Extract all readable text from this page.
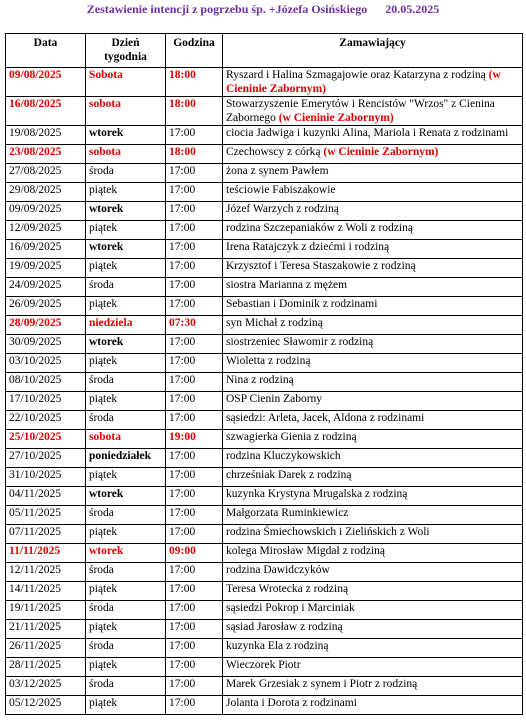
Zestawienie intencji z pogrzebu śp. +Józefa Osińskiego      20.05.2025
Data	Dzień tygodnia	Godzina	Zamawiający
09/08/2025	Sobota	18:00	Ryszard i Halina Szmagajowie oraz Katarzyna z rodziną (w Cieninie Zabornym)
16/08/2025	sobota	18:00	Stowarzyszenie Emerytów i Rencistów "Wrzos" z Cienina Zabornego (w Cieninie Zabornym)
19/08/2025	wtorek	17:00	ciocia Jadwiga i kuzynki Alina, Mariola i Renata z rodzinami
23/08/2025	sobota	18:00	Czechowscy z córką (w Cieninie Zabornym)
27/08/2025	środa	17:00	żona z synem Pawłem
29/08/2025	piątek	17:00	teściowie Fabiszakowie
09/09/2025	wtorek	17:00	Józef Warzych z rodziną
12/09/2025	piątek	17:00	rodzina Szczepaniaków z Woli z rodziną
16/09/2025	wtorek	17:00	Irena Ratajczyk z dziećmi i rodziną
19/09/2025	piątek	17:00	Krzysztof i Teresa Staszakowie z rodziną
24/09/2025	środa	17:00	siostra Marianna z mężem
26/09/2025	piątek	17:00	Sebastian i Dominik z rodzinami
28/09/2025	niedziela	07:30	syn Michał z rodziną
30/09/2025	wtorek	17:00	siostrzeniec Sławomir z rodziną
03/10/2025	piątek	17:00	Wioletta z rodziną
08/10/2025	środa	17:00	Nina z rodziną
17/10/2025	piątek	17:00	OSP Cienin Zaborny
22/10/2025	środa	17:00	sąsiedzi: Arleta, Jacek, Aldona z rodzinami
25/10/2025	sobota	19:00	szwagierka Gienia z rodziną
27/10/2025	poniedziałek	17:00	rodzina Kluczykowskich
31/10/2025	piątek	17:00	chrześniak Darek z rodziną
04/11/2025	wtorek	17:00	kuzynka Krystyna Mrugalska z rodziną
05/11/2025	środa	17:00	Małgorzata Ruminkiewicz
07/11/2025	piątek	17:00	rodzina Śmiechowskich i Zielińskich z Woli
11/11/2025	wtorek	09:00	kolega Mirosław Migdał z rodziną
12/11/2025	środa	17:00	rodzina Dawidczyków
14/11/2025	piątek	17:00	Teresa Wrotecka z rodziną
19/11/2025	środa	17:00	sąsiedzi Pokrop i Marciniak
21/11/2025	piątek	17:00	sąsiad Jarosław z rodziną
26/11/2025	środa	17:00	kuzynka Ela z rodziną
28/11/2025	piątek	17:00	Wieczorek Piotr
03/12/2025	środa	17:00	Marek Grzesiak z synem i Piotr z rodziną
05/12/2025	piątek	17:00	Jolanta i Dorota z rodzinami
